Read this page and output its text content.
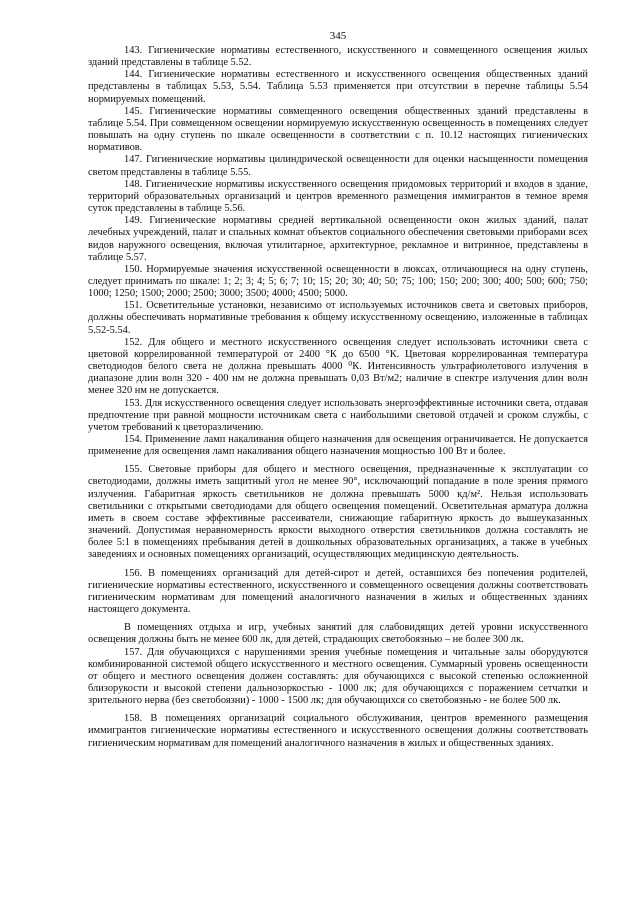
345

143. Гигиенические нормативы естественного, искусственного и совмещенного освещения жилых зданий представлены в таблице 5.52.

144. Гигиенические нормативы естественного и искусственного освещения общественных зданий представлены в таблицах 5.53, 5.54. Таблица 5.53 применяется при отсутствии в перечне таблицы 5.54 нормируемых помещений.

145. Гигиенические нормативы совмещенного освещения общественных зданий представлены в таблице 5.54. При совмещенном освещении нормируемую искусственную освещенность в помещениях следует повышать на одну ступень по шкале освещенности в соответствии с п. 10.12 настоящих гигиенических нормативов.

147. Гигиенические нормативы цилиндрической освещенности для оценки насыщенности помещения светом представлены в таблице 5.55.

148. Гигиенические нормативы искусственного освещения придомовых территорий и входов в здание, территорий образовательных организаций и центров временного размещения иммигрантов в темное время суток представлены в таблице 5.56.

149. Гигиенические нормативы средней вертикальной освещенности окон жилых зданий, палат лечебных учреждений, палат и спальных комнат объектов социального обеспечения световыми приборами всех видов наружного освещения, включая утилитарное, архитектурное, рекламное и витринное, представлены в таблице 5.57.

150. Нормируемые значения искусственной освещенности в люксах, отличающиеся на одну ступень, следует принимать по шкале: 1; 2; 3; 4; 5; 6; 7; 10; 15; 20; 30; 40; 50; 75; 100; 150; 200; 300; 400; 500; 600; 750; 1000; 1250; 1500; 2000; 2500; 3000; 3500; 4000; 4500; 5000.

151. Осветительные установки, независимо от используемых источников света и световых приборов, должны обеспечивать нормативные требования к общему искусственному освещению, изложенные в таблицах 5.52-5.54.

152. Для общего и местного искусственного освещения следует использовать источники света с цветовой коррелированной температурой от 2400 °К до 6500 °К. Цветовая коррелированная температура светодиодов белого света не должна превышать 4000 ⁰К. Интенсивность ультрафиолетового излучения в диапазоне длин волн 320 - 400 нм не должна превышать 0,03 Вт/м2; наличие в спектре излучения длин волн менее 320 нм не допускается.

153. Для искусственного освещения следует использовать энергоэффективные источники света, отдавая предпочтение при равной мощности источникам света с наибольшими световой отдачей и сроком службы, с учетом требований к цветоразличению.

154. Применение ламп накаливания общего назначения для освещения ограничивается. Не допускается применение для освещения ламп накаливания общего назначения мощностью 100 Вт и более.

155. Световые приборы для общего и местного освещения, предназначенные к эксплуатации со светодиодами, должны иметь защитный угол не менее 90°, исключающий попадание в поле зрения прямого излучения. Габаритная яркость светильников не должна превышать 5000 кд/м². Нельзя использовать светильники с открытыми светодиодами для общего освещения помещений. Осветительная арматура должна иметь в своем составе эффективные рассеиватели, снижающие габаритную яркость до вышеуказанных значений. Допустимая неравномерность яркости выходного отверстия светильников должна составлять не более 5:1 в помещениях пребывания детей в дошкольных образовательных организациях, а также в учебных заведениях и основных помещениях организаций, осуществляющих медицинскую деятельность.

156. В помещениях организаций для детей-сирот и детей, оставшихся без попечения родителей, гигиенические нормативы естественного, искусственного и совмещенного освещения должны соответствовать гигиеническим нормативам для помещений аналогичного назначения в жилых и общественных зданиях настоящего документа.

В помещениях отдыха и игр, учебных занятий для слабовидящих детей уровни искусственного освещения должны быть не менее 600 лк, для детей, страдающих светобоязнью – не более 300 лк.

157. Для обучающихся с нарушениями зрения учебные помещения и читальные залы оборудуются комбинированной системой общего искусственного и местного освещения. Суммарный уровень освещенности от общего и местного освещения должен составлять: для обучающихся с высокой степенью осложненной близорукости и высокой степени дальнозоркостью - 1000 лк; для обучающихся с поражением сетчатки и зрительного нерва (без светобоязни) - 1000 - 1500 лк; для обучающихся со светобоязнью - не более 500 лк.

158. В помещениях организаций социального обслуживания, центров временного размещения иммигрантов гигиенические нормативы естественного и искусственного освещения должны соответствовать гигиеническим нормативам для помещений аналогичного назначения в жилых и общественных зданиях.
